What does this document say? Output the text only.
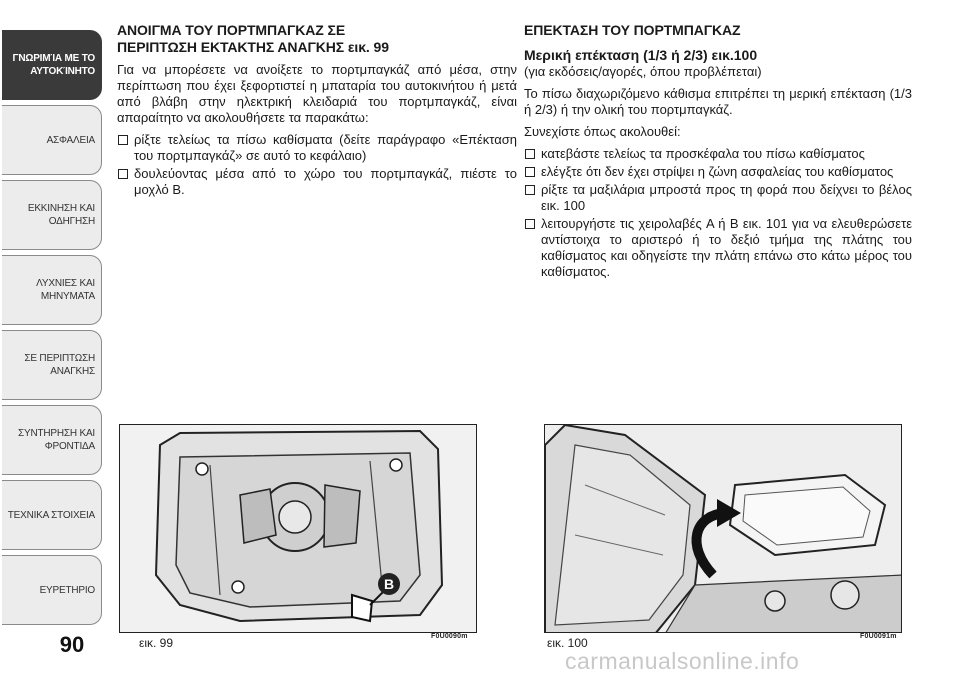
ΓΝΩΡΙΜΊΑ ΜΕ ΤΟ
ΑΥΤΟΚΊΝΗΤΟ
ΑΣΦΑΛΕΙΑ
ΕΚΚΙΝΗΣΗ ΚΑΙ
ΟΔΗΓΗΣΗ
ΛΥΧΝΙΕΣ ΚΑΙ
ΜΗΝΥΜΑΤΑ
ΣΕ ΠΕΡΙΠΤΩΣΗ
ΑΝΑΓΚΗΣ
ΣΥΝΤΗΡΗΣΗ ΚΑΙ
ΦΡΟΝΤΙΔΑ
ΤΕΧΝΙΚΑ ΣΤΟΙΧΕΙΑ
ΕΥΡΕΤΗΡΙΟ
90
ΑΝΟΙΓΜΑ ΤΟΥ ΠΟΡΤΜΠΑΓΚΑΖ ΣΕ
ΠΕΡΙΠΤΩΣΗ ΕΚΤΑΚΤΗΣ ΑΝΑΓΚΗΣ εικ. 99

Για να μπορέσετε να ανοίξετε το πορτμπαγκάζ από μέσα, στην περίπτωση που έχει ξεφορτιστεί η μπαταρία του αυτοκινήτου ή μετά από βλάβη στην ηλεκτρική κλειδαριά του πορτμπαγκάζ, είναι απαραίτητο να ακολουθήσετε τα παρακάτω:

ρίξτε τελείως τα πίσω καθίσματα (δείτε παράγραφο «Επέκταση του πορτμπαγκάζ» σε αυτό το κεφάλαιο)
δουλεύοντας μέσα από το χώρο του πορτμπαγκάζ, πιέστε το μοχλό B.
ΕΠΕΚΤΑΣΗ ΤΟΥ ΠΟΡΤΜΠΑΓΚΑΖ
Μερική επέκταση (1/3 ή 2/3) εικ.100

(για εκδόσεις/αγορές, όπου προβλέπεται)

Το πίσω διαχωριζόμενο κάθισμα επιτρέπει τη μερική επέκταση (1/3 ή 2/3) ή την ολική του πορτμπαγκάζ.

Συνεχίστε όπως ακολουθεί:

κατεβάστε τελείως τα προσκέφαλα του πίσω καθίσματος
ελέγξτε ότι δεν έχει στρίψει η ζώνη ασφαλείας του καθίσματος
ρίξτε τα μαξιλάρια μπροστά προς τη φορά που δείχνει το βέλος εικ. 100
λειτουργήστε τις χειρολαβές A ή B εικ. 101 για να ελευθερώσετε αντίστοιχα το αριστερό ή το δεξιό τμήμα της πλάτης του καθίσματος και οδηγείστε την πλάτη επάνω στο κάτω μέρος του καθίσματος.
B
εικ. 99	F0U0090m	εικ. 100	F0U0091m
carmanualsonline.info
